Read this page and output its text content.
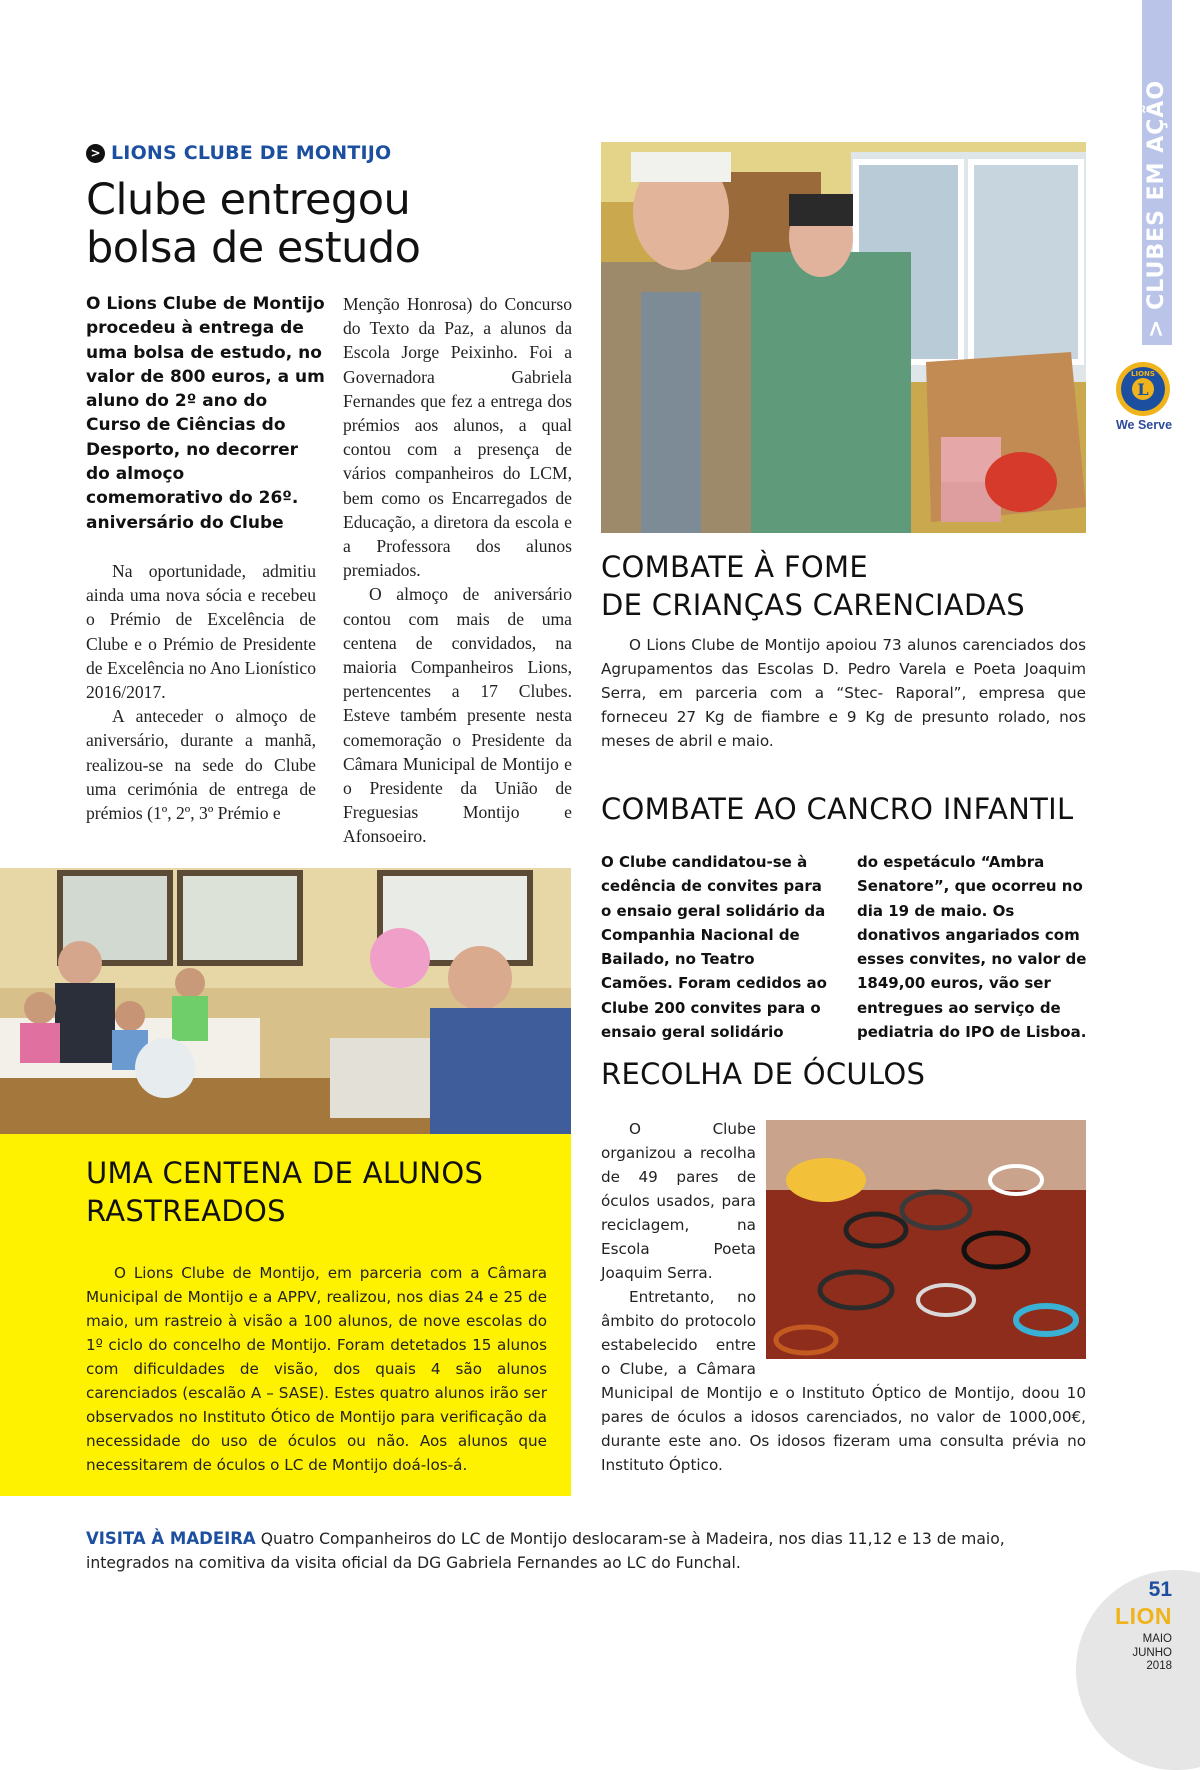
> CLUBES EM AÇÃO
L
LIONS
We Serve
> LIONS CLUBE DE MONTIJO
Clube entregou
bolsa de estudo
O Lions Clube de Montijo procedeu à entrega de uma bolsa de estudo, no valor de 800 euros, a um aluno do 2º ano do Curso de Ciências do Desporto, no decorrer do almoço comemorativo do 26º. aniversário do Clube

Na oportunidade, admitiu ainda uma nova sócia e recebeu o Prémio de Excelência de Clube e o Prémio de Presidente de Excelência no Ano Lionístico 2016/2017.

A anteceder o almoço de aniversário, durante a manhã, realizou-se na sede do Clube uma cerimónia de entrega de prémios (1º, 2º, 3º Prémio e

Menção Honrosa) do Concurso do Texto da Paz, a alunos da Escola Jorge Peixinho. Foi a Governadora Gabriela Fernandes que fez a entrega dos prémios aos alunos, a qual contou com a presença de vários companheiros do LCM, bem como os Encarregados de Educação, a diretora da escola e a Professora dos alunos premiados.

O almoço de aniversário contou com mais de uma centena de convidados, na maioria Companheiros Lions, pertencentes a 17 Clubes. Esteve também presente nesta comemoração o Presidente da Câmara Municipal de Montijo e o Presidente da União de Freguesias Montijo e Afonsoeiro.

COMBATE À FOME
DE CRIANÇAS CARENCIADAS

O Lions Clube de Montijo apoiou 73 alunos carenciados dos Agrupamentos das Escolas D. Pedro Varela e Poeta Joaquim Serra, em parceria com a “Stec- Raporal”, empresa que forneceu 27 Kg de fiambre e 9 Kg de presunto rolado, nos meses de abril e maio.

COMBATE AO CANCRO INFANTIL
O Clube candidatou-se à cedência de convites para o ensaio geral solidário da Companhia Nacional de Bailado, no Teatro Camões. Foram cedidos ao Clube 200 convites para o ensaio geral solidário
do espetáculo “Ambra Senatore”, que ocorreu no dia 19 de maio. Os donativos angariados com esses convites, no valor de 1849,00 euros, vão ser entregues ao serviço de pediatria do IPO de Lisboa.
RECOLHA DE ÓCULOS

O Clube organizou a recolha de 49 pares de óculos usados, para reciclagem, na Escola Poeta Joaquim Serra.

Entretanto, no âmbito do protocolo estabelecido entre o Clube, a Câmara Municipal de Montijo e o Instituto Óptico de Montijo, doou 10 pares de óculos a idosos carenciados, no valor de 1000,00€, durante este ano. Os idosos fizeram uma consulta prévia no Instituto Óptico.

UMA CENTENA DE ALUNOS
RASTREADOS

O Lions Clube de Montijo, em parceria com a Câmara Municipal de Montijo e a APPV, realizou, nos dias 24 e 25 de maio, um rastreio à visão a 100 alunos, de nove escolas do 1º ciclo do concelho de Montijo. Foram detetados 15 alunos com dificuldades de visão, dos quais 4 são alunos carenciados (escalão A – SASE). Estes quatro alunos irão ser observados no Instituto Ótico de Montijo para verificação da necessidade do uso de óculos ou não. Aos alunos que necessitarem de óculos o LC de Montijo doá-los-á.

VISITA À MADEIRA Quatro Companheiros do LC de Montijo deslocaram-se à Madeira, nos dias 11,12 e 13 de maio, integrados na comitiva da visita oficial da DG Gabriela Fernandes ao LC do Funchal.
51
LION
MAIO
JUNHO
2018
